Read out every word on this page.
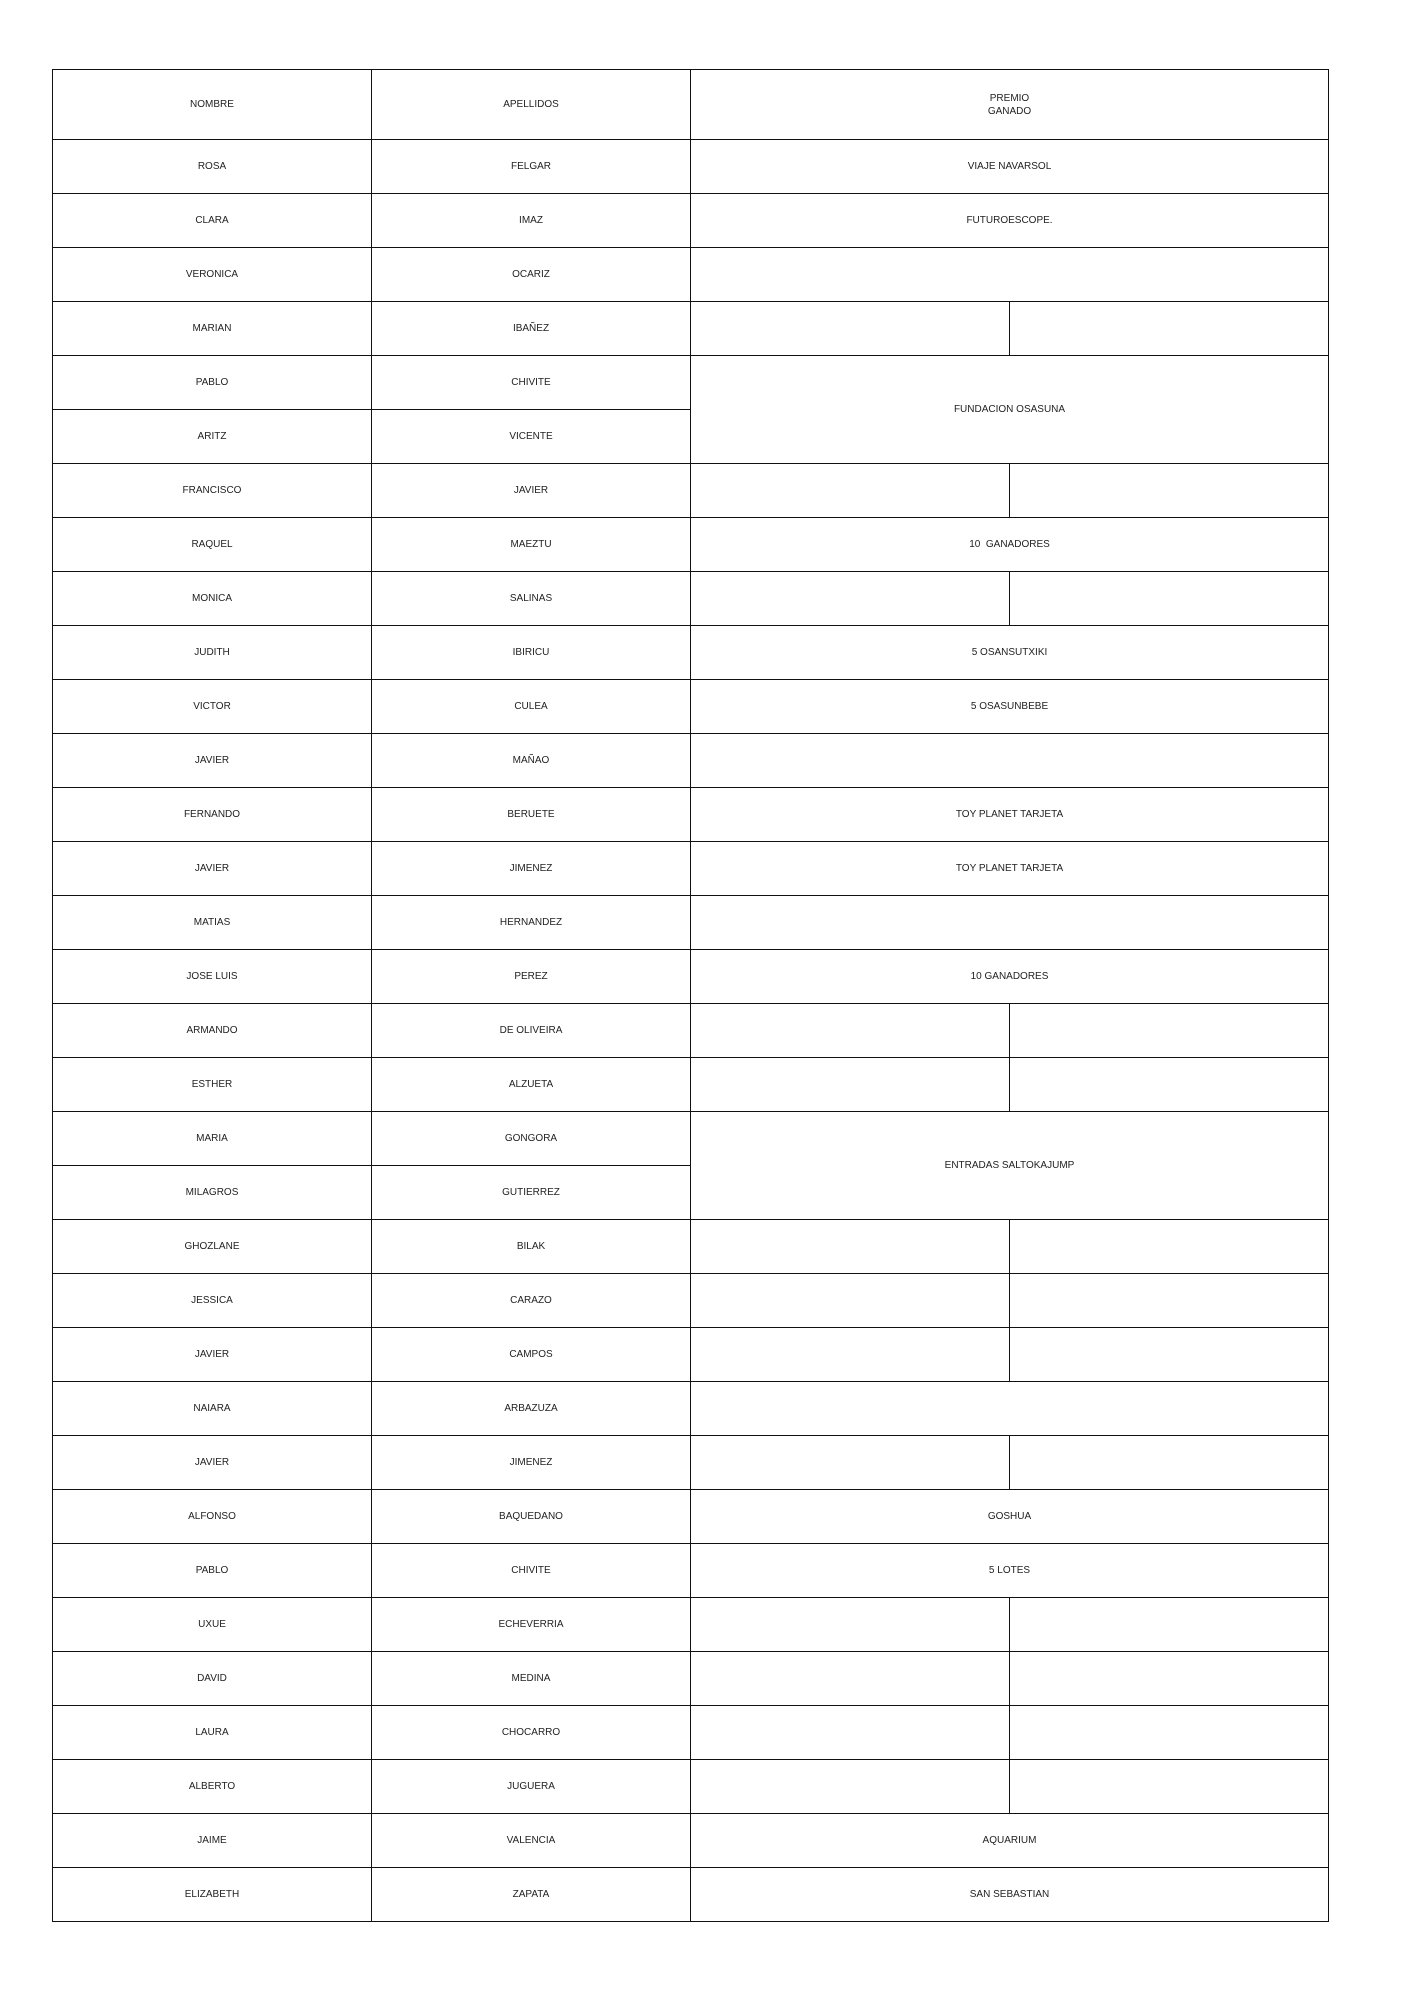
NOMBRE	APELLIDOS	PREMIO
GANADO	
ROSA	FELGAR	VIAJE NAVARSOL	
CLARA	IMAZ	FUTUROESCOPE.	
VERONICA	OCARIZ		
MARIAN	IBAÑEZ		
PABLO	CHIVITE	FUNDACION OSASUNA	
ARITZ	VICENTE		
FRANCISCO	JAVIER		
RAQUEL	MAEZTU	10  GANADORES	
MONICA	SALINAS		
JUDITH	IBIRICU	5 OSANSUTXIKI	
VICTOR	CULEA	5 OSASUNBEBE	
JAVIER	MAÑAO		
FERNANDO	BERUETE	TOY PLANET TARJETA	
JAVIER	JIMENEZ	TOY PLANET TARJETA	
MATIAS	HERNANDEZ		
JOSE LUIS	PEREZ	10 GANADORES	
ARMANDO	DE OLIVEIRA		
ESTHER	ALZUETA		
MARIA	GONGORA	ENTRADAS SALTOKAJUMP	
MILAGROS	GUTIERREZ		
GHOZLANE	BILAK		
JESSICA	CARAZO		
JAVIER	CAMPOS		
NAIARA	ARBAZUZA		
JAVIER	JIMENEZ		
ALFONSO	BAQUEDANO	GOSHUA	
PABLO	CHIVITE	5 LOTES	
UXUE	ECHEVERRIA		
DAVID	MEDINA		
LAURA	CHOCARRO		
ALBERTO	JUGUERA		
JAIME	VALENCIA	AQUARIUM	
ELIZABETH	ZAPATA	SAN SEBASTIAN	
